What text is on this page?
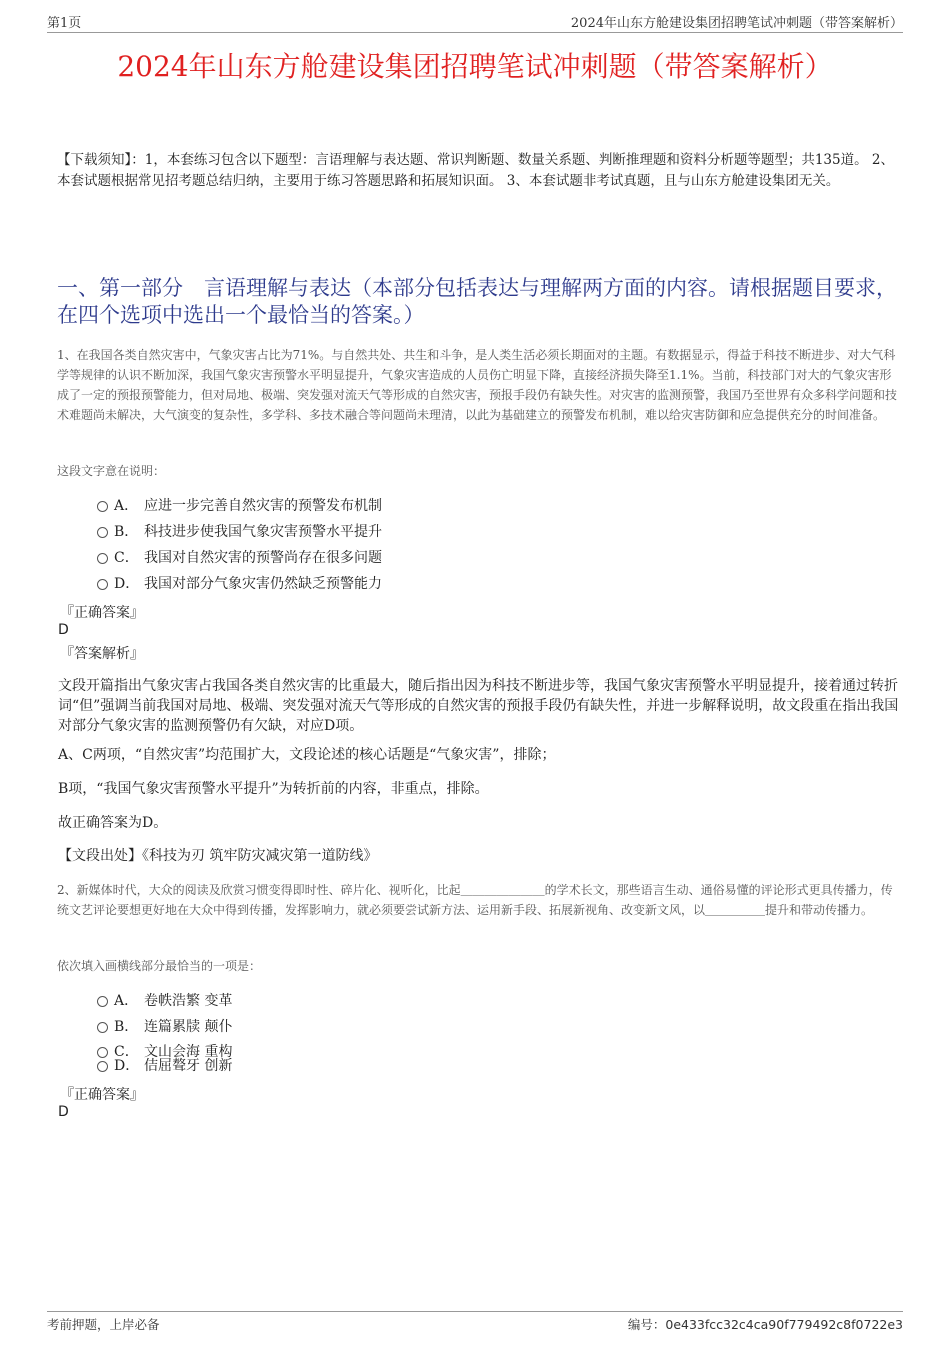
第1页	2024年山东方舱建设集团招聘笔试冲刺题（带答案解析）
2024年山东方舱建设集团招聘笔试冲刺题（带答案解析）
【下载须知】：1，本套练习包含以下题型：言语理解与表达题、常识判断题、数量关系题、判断推理题和资料分析题等题型；共135道。 2、本套试题根据常见招考题总结归纳，主要用于练习答题思路和拓展知识面。 3、本套试题非考试真题，且与山东方舱建设集团无关。
一、第一部分　言语理解与表达（本部分包括表达与理解两方面的内容。请根据题目要求，在四个选项中选出一个最恰当的答案。）
1、在我国各类自然灾害中，气象灾害占比为71%。与自然共处、共生和斗争，是人类生活必须长期面对的主题。有数据显示，得益于科技不断进步、对大气科学等规律的认识不断加深，我国气象灾害预警水平明显提升，气象灾害造成的人员伤亡明显下降，直接经济损失降至1.1%。当前，科技部门对大的气象灾害形成了一定的预报预警能力，但对局地、极端、突发强对流天气等形成的自然灾害，预报手段仍有缺失性。对灾害的监测预警，我国乃至世界有众多科学问题和技术难题尚未解决，大气演变的复杂性，多学科、多技术融合等问题尚未理清，以此为基础建立的预警发布机制，难以给灾害防御和应急提供充分的时间准备。
这段文字意在说明：
A． 应进一步完善自然灾害的预警发布机制
B． 科技进步使我国气象灾害预警水平提升
C． 我国对自然灾害的预警尚存在很多问题
D． 我国对部分气象灾害仍然缺乏预警能力
『正确答案』
D
『答案解析』
文段开篇指出气象灾害占我国各类自然灾害的比重最大，随后指出因为科技不断进步等，我国气象灾害预警水平明显提升，接着通过转折词“但”强调当前我国对局地、极端、突发强对流天气等形成的自然灾害的预报手段仍有缺失性，并进一步解释说明，故文段重在指出我国对部分气象灾害的监测预警仍有欠缺，对应D项。
A、C两项，“自然灾害”均范围扩大，文段论述的核心话题是“气象灾害”，排除；
B项，“我国气象灾害预警水平提升”为转折前的内容，非重点，排除。
故正确答案为D。
【文段出处】《科技为刃 筑牢防灾减灾第一道防线》
2、新媒体时代，大众的阅读及欣赏习惯变得即时性、碎片化、视听化，比起＿＿＿＿＿＿＿的学术长文，那些语言生动、通俗易懂的评论形式更具传播力，传统文艺评论要想更好地在大众中得到传播，发挥影响力，就必须要尝试新方法、运用新手段、拓展新视角、改变新文风，以＿＿＿＿＿提升和带动传播力。
依次填入画横线部分最恰当的一项是：
A． 卷帙浩繁 变革
B． 连篇累牍 颠仆
C． 文山会海 重构
D． 佶屈聱牙 创新
『正确答案』
D
考前押题，上岸必备	编号：0e433fcc32c4ca90f779492c8f0722e3
